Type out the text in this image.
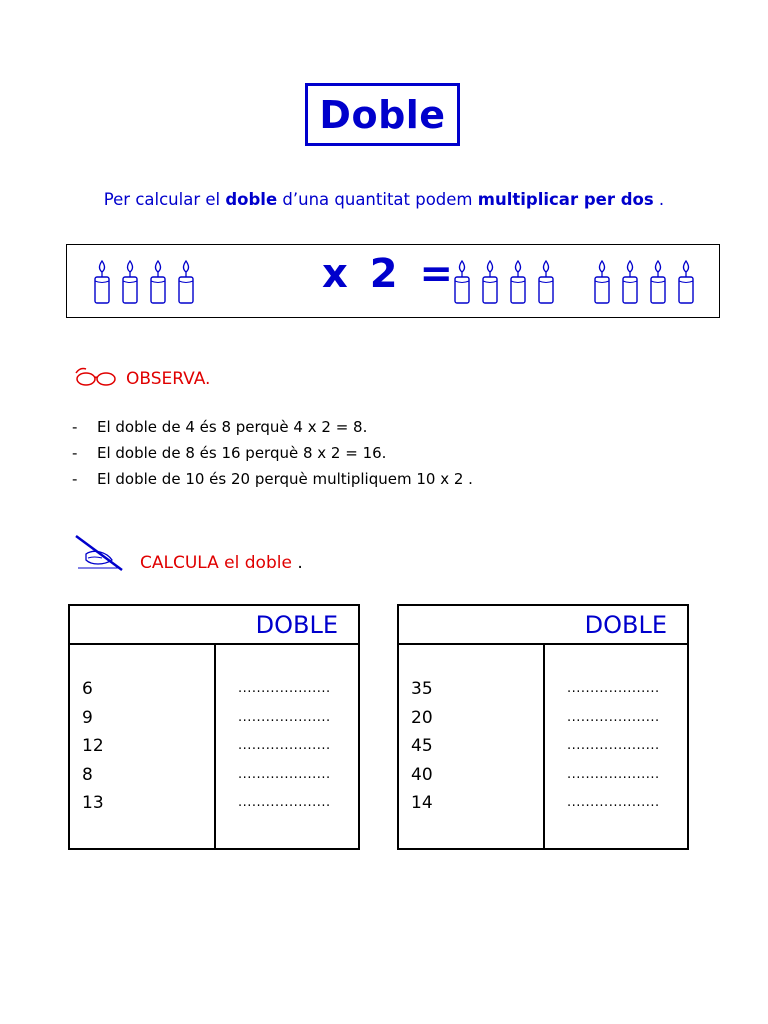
Doble
Per calcular el doble d’una quantitat podem multiplicar per dos .
x 2 =
OBSERVA.
-	El doble de 4 és 8 perquè 4 x 2 = 8.
-	El doble de 8 és 16 perquè 8 x 2 = 16.
-	El doble de 10 és 20 perquè multipliquem 10 x 2 .
CALCULA el doble .
DOBLE
6	....................
9	....................
12	....................
8	....................
13	....................
DOBLE
35	....................
20	....................
45	....................
40	....................
14	....................
